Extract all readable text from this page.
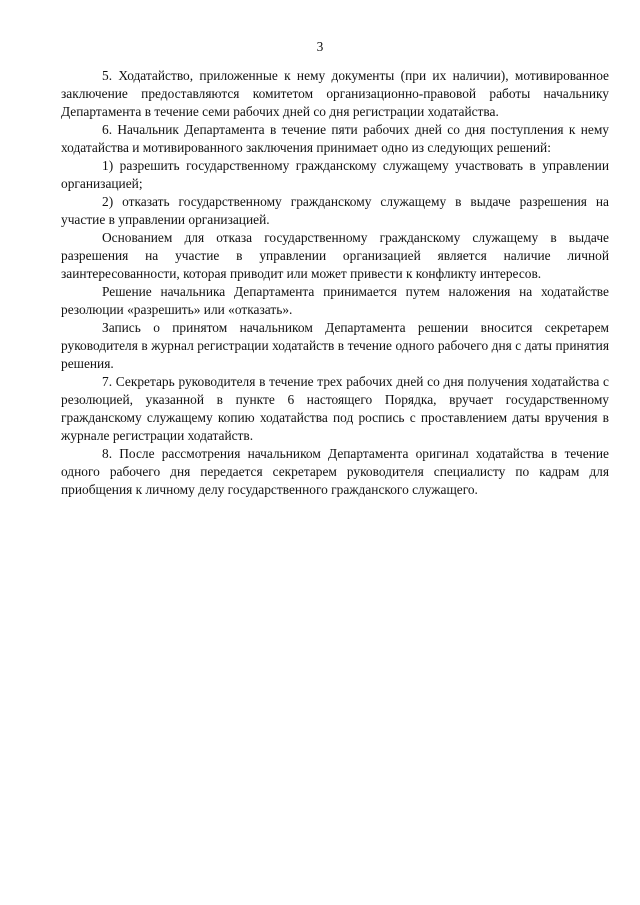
3

5. Ходатайство, приложенные к нему документы (при их наличии), мотивированное заключение предоставляются комитетом организационно-правовой работы начальнику Департамента в течение семи рабочих дней со дня регистрации ходатайства.

6. Начальник Департамента в течение пяти рабочих дней со дня поступления к нему ходатайства и мотивированного заключения принимает одно из следующих решений:

1) разрешить государственному гражданскому служащему участвовать в управлении организацией;

2) отказать государственному гражданскому служащему в выдаче разрешения на участие в управлении организацией.

Основанием для отказа государственному гражданскому служащему в выдаче разрешения на участие в управлении организацией является наличие личной заинтересованности, которая приводит или может привести к конфликту интересов.

Решение начальника Департамента принимается путем наложения на ходатайстве резолюции «разрешить» или «отказать».

Запись о принятом начальником Департамента решении вносится секретарем руководителя в журнал регистрации ходатайств в течение одного рабочего дня с даты принятия решения.

7. Секретарь руководителя в течение трех рабочих дней со дня получения ходатайства с резолюцией, указанной в пункте 6 настоящего Порядка, вручает государственному гражданскому служащему копию ходатайства под роспись с проставлением даты вручения в журнале регистрации ходатайств.

8. После рассмотрения начальником Департамента оригинал ходатайства в течение одного рабочего дня передается секретарем руководителя специалисту по кадрам для приобщения к личному делу государственного гражданского служащего.
